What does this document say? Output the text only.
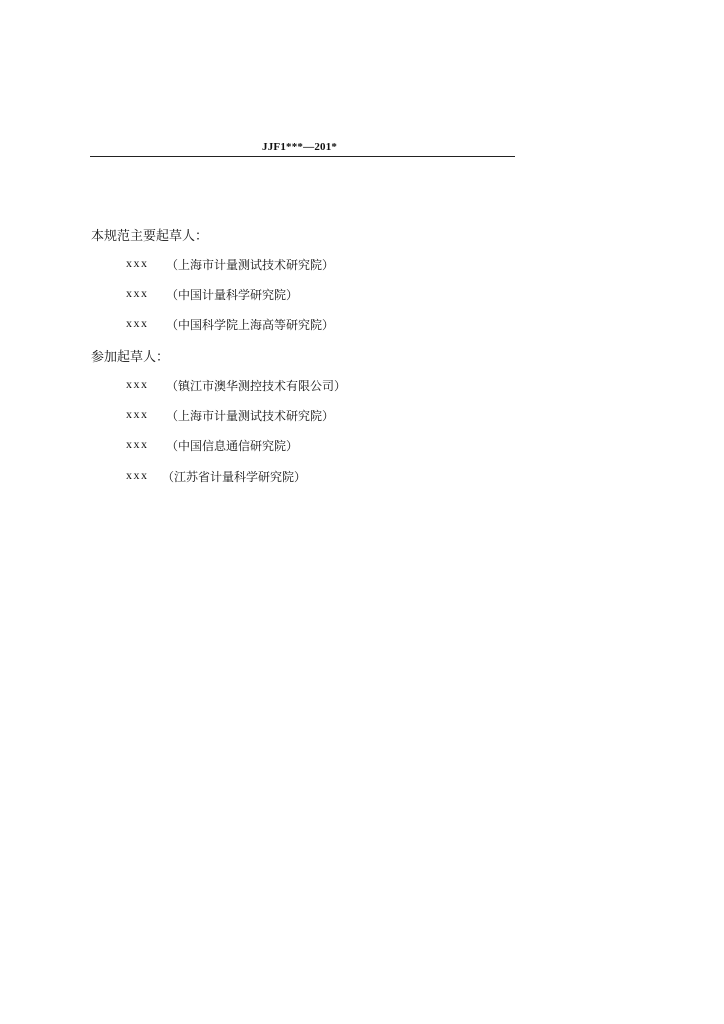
JJF1***—201*
本规范主要起草人：
xxx （上海市计量测试技术研究院）
xxx （中国计量科学研究院）
xxx （中国科学院上海高等研究院）
参加起草人：
xxx （镇江市澳华测控技术有限公司）
xxx （上海市计量测试技术研究院）
xxx （中国信息通信研究院）
xxx （江苏省计量科学研究院）
